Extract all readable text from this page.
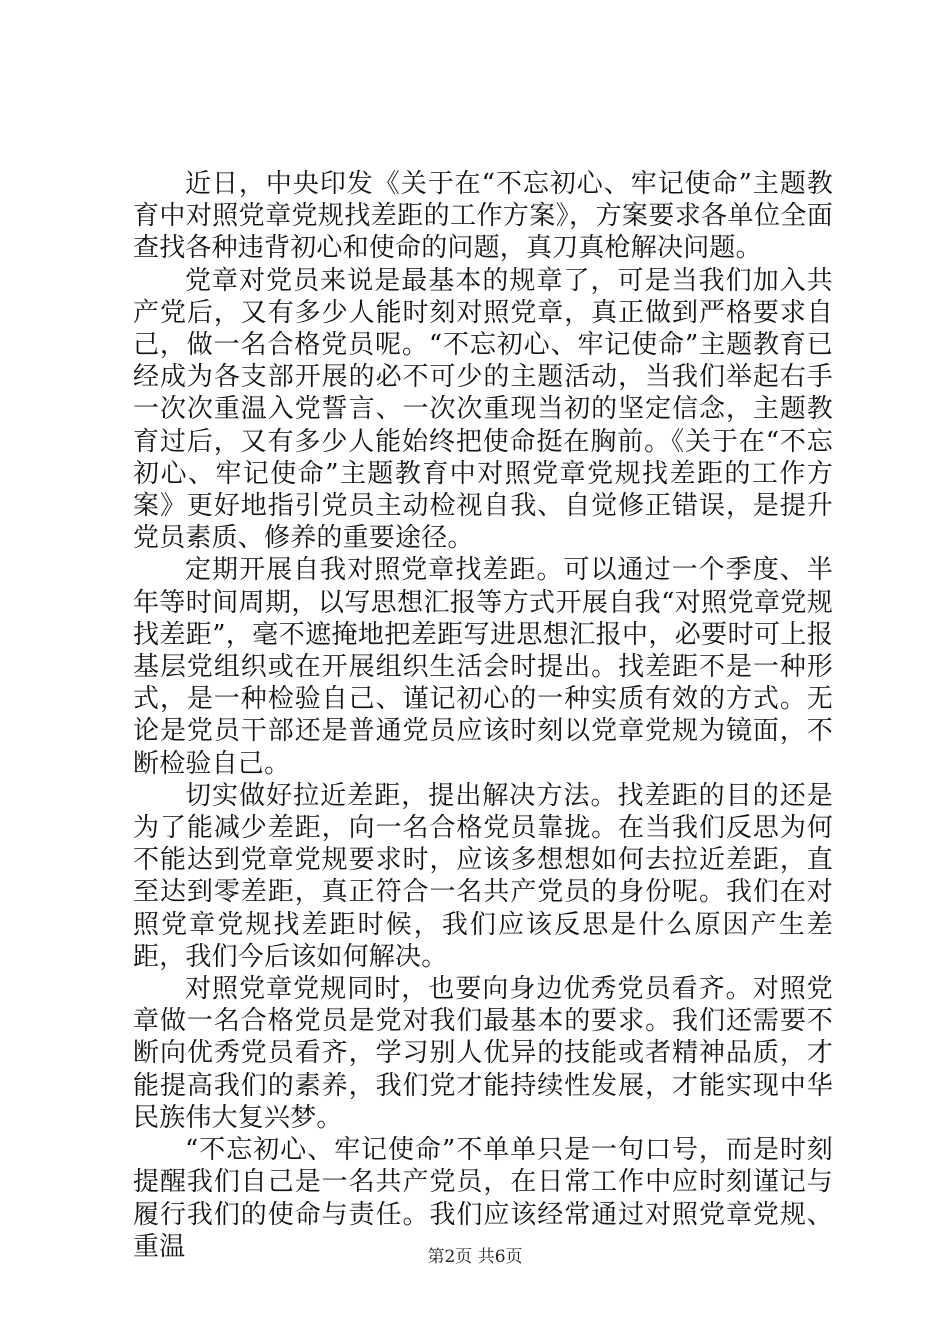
近日，中央印发《关于在“不忘初心、牢记使命”主题教育中对照党章党规找差距的工作方案》，方案要求各单位全面查找各种违背初心和使命的问题，真刀真枪解决问题。

党章对党员来说是最基本的规章了，可是当我们加入共产党后，又有多少人能时刻对照党章，真正做到严格要求自己，做一名合格党员呢。“不忘初心、牢记使命”主题教育已经成为各支部开展的必不可少的主题活动，当我们举起右手一次次重温入党誓言、一次次重现当初的坚定信念，主题教育过后，又有多少人能始终把使命挺在胸前。《关于在“不忘初心、牢记使命”主题教育中对照党章党规找差距的工作方案》更好地指引党员主动检视自我、自觉修正错误，是提升党员素质、修养的重要途径。

定期开展自我对照党章找差距。可以通过一个季度、半年等时间周期，以写思想汇报等方式开展自我“对照党章党规找差距”，毫不遮掩地把差距写进思想汇报中，必要时可上报基层党组织或在开展组织生活会时提出。找差距不是一种形式，是一种检验自己、谨记初心的一种实质有效的方式。无论是党员干部还是普通党员应该时刻以党章党规为镜面，不断检验自己。

切实做好拉近差距，提出解决方法。找差距的目的还是为了能减少差距，向一名合格党员靠拢。在当我们反思为何不能达到党章党规要求时，应该多想想如何去拉近差距，直至达到零差距，真正符合一名共产党员的身份呢。我们在对照党章党规找差距时候，我们应该反思是什么原因产生差距，我们今后该如何解决。

对照党章党规同时，也要向身边优秀党员看齐。对照党章做一名合格党员是党对我们最基本的要求。我们还需要不断向优秀党员看齐，学习别人优异的技能或者精神品质，才能提高我们的素养，我们党才能持续性发展，才能实现中华民族伟大复兴梦。

“不忘初心、牢记使命”不单单只是一句口号，而是时刻提醒我们自己是一名共产党员，在日常工作中应时刻谨记与履行我们的使命与责任。我们应该经常通过对照党章党规、重温	第2页 共6页
